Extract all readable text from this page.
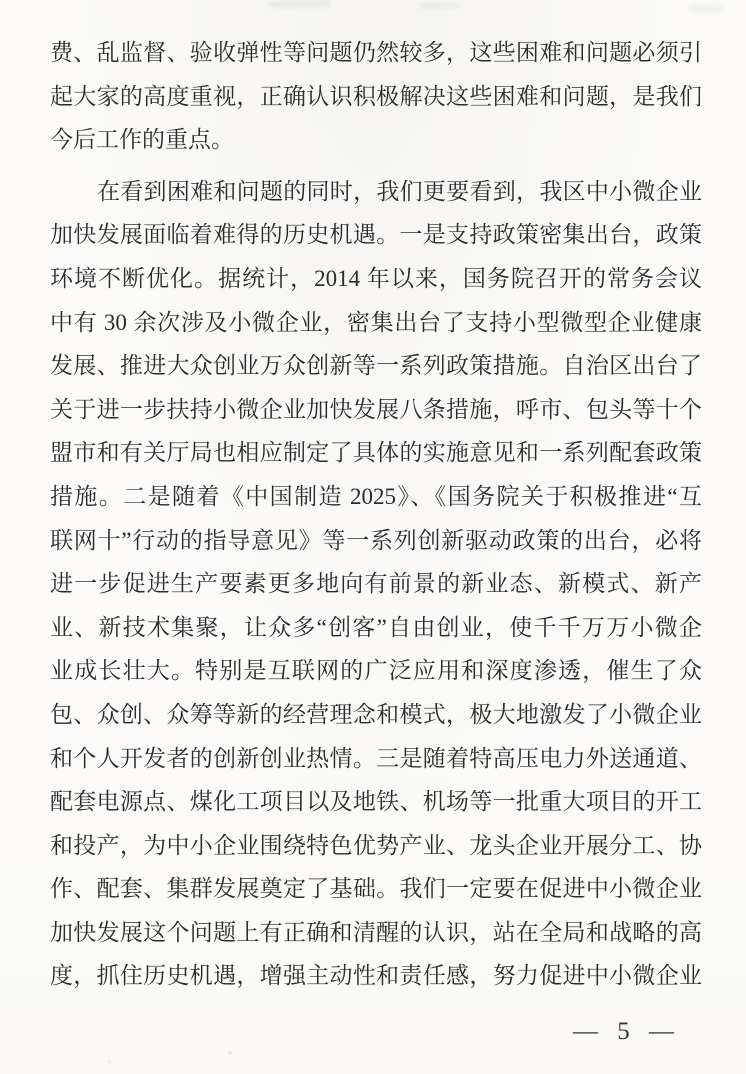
费、乱监督、验收弹性等问题仍然较多，这些困难和问题必须引
起大家的高度重视，正确认识积极解决这些困难和问题，是我们
今后工作的重点。
在看到困难和问题的同时，我们更要看到，我区中小微企业
加快发展面临着难得的历史机遇。一是支持政策密集出台，政策
环境不断优化。据统计，2014 年以来，国务院召开的常务会议
中有 30 余次涉及小微企业，密集出台了支持小型微型企业健康
发展、推进大众创业万众创新等一系列政策措施。自治区出台了
关于进一步扶持小微企业加快发展八条措施，呼市、包头等十个
盟市和有关厅局也相应制定了具体的实施意见和一系列配套政策
措施。二是随着《中国制造 2025》、《国务院关于积极推进“互
联网十”行动的指导意见》等一系列创新驱动政策的出台，必将
进一步促进生产要素更多地向有前景的新业态、新模式、新产
业、新技术集聚，让众多“创客”自由创业，使千千万万小微企
业成长壮大。特别是互联网的广泛应用和深度渗透，催生了众
包、众创、众筹等新的经营理念和模式，极大地激发了小微企业
和个人开发者的创新创业热情。三是随着特高压电力外送通道、
配套电源点、煤化工项目以及地铁、机场等一批重大项目的开工
和投产，为中小企业围绕特色优势产业、龙头企业开展分工、协
作、配套、集群发展奠定了基础。我们一定要在促进中小微企业
加快发展这个问题上有正确和清醒的认识，站在全局和战略的高
度，抓住历史机遇，增强主动性和责任感，努力促进中小微企业
— 5 —
